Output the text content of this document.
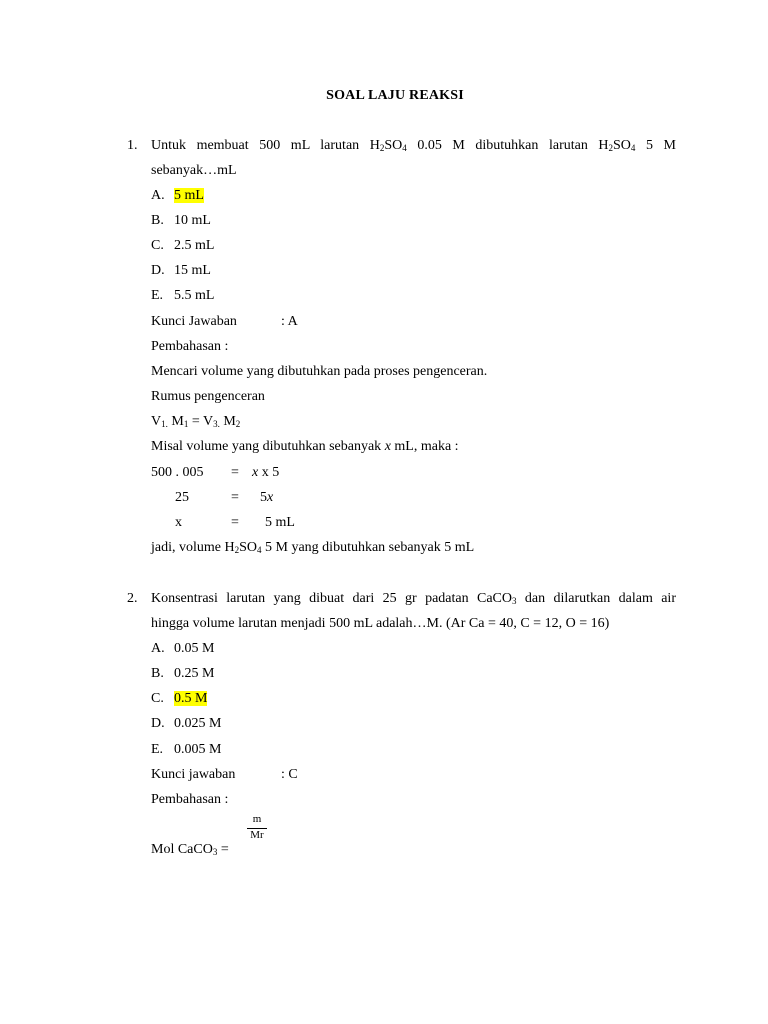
SOAL LAJU REAKSI
1. Untuk membuat 500 mL larutan $H_2SO_4$ 0.05 M dibutuhkan larutan $H_2SO_4$ 5 M
sebanyak…mL
A. 5 mL
B. 10 mL
C. 2.5 mL
D. 15 mL
E. 5.5 mL
Kunci Jawaban	: A
Pembahasan :
Mencari volume yang dibutuhkan pada proses pengenceran.
Rumus pengenceran
$V_{1.}$ $M_1 = V_{3.}$ $M_2$
Misal volume yang dibutuhkan sebanyak x mL, maka :
500 . 005 = x x 5
25	= 5x
x	= 5 mL
jadi, volume $H_2SO_4$ 5 M yang dibutuhkan sebanyak 5 mL
2. Konsentrasi larutan yang dibuat dari 25 gr padatan CaCO$_3$ dan dilarutkan dalam air
hingga volume larutan menjadi 500 mL adalah…M. (Ar Ca = 40, C = 12, O = 16)
A. 0.05 M
B. 0.25 M
C. 0.5 M
D. 0.025 M
E. 0.005 M
Kunci jawaban	: C
Pembahasan :
Mol CaCO$_3$ =
m
Mr
